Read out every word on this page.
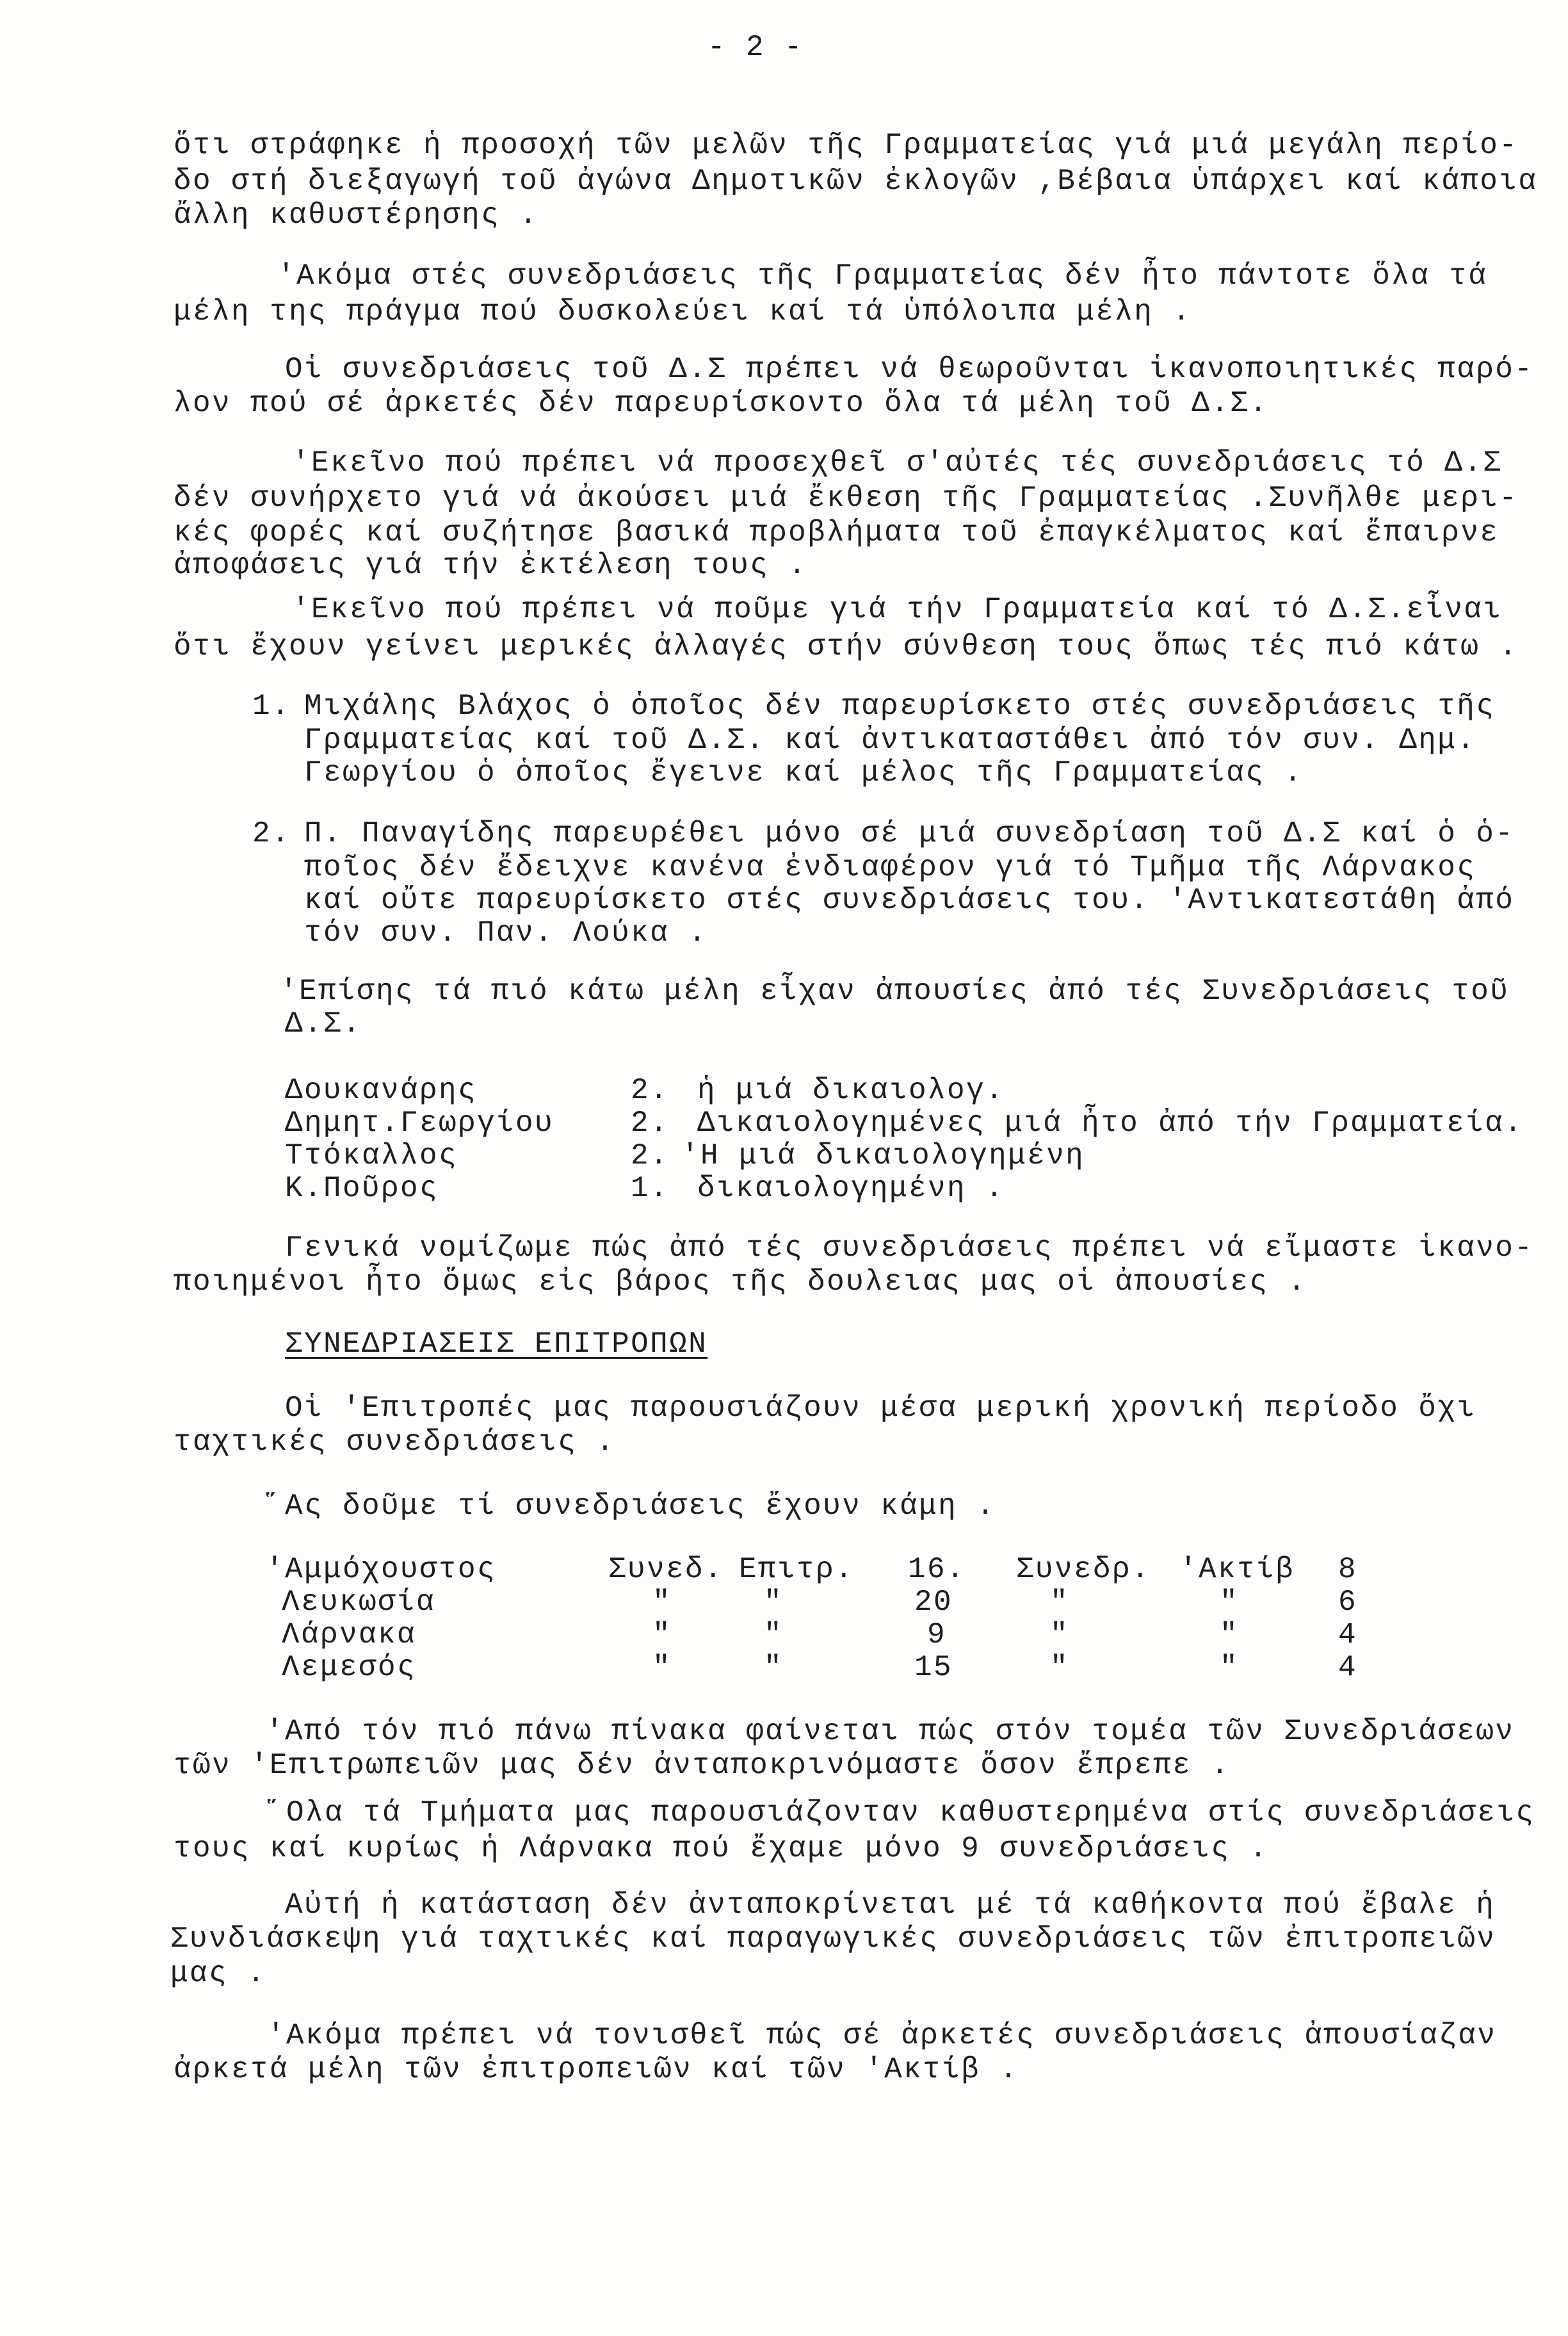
- 2 -
ὅτι στράφηκε ἡ προσοχή τῶν μελῶν τῆς Γραμματείας γιά μιά μεγάλη περίο-
δο στή διεξαγωγή τοῦ ἀγώνα Δημοτικῶν ἐκλογῶν ,Βέβαια ὑπάρχει καί κάποια
ἄλλη καθυστέρησης .
'Ακόμα στές συνεδριάσεις τῆς Γραμματείας δέν ἦτο πάντοτε ὅλα τά
μέλη της πράγμα πού δυσκολεύει καί τά ὑπόλοιπα μέλη .
Οἱ συνεδριάσεις τοῦ Δ.Σ πρέπει νά θεωροῦνται ἱκανοποιητικές παρό-
λον πού σέ ἀρκετές δέν παρευρίσκοντο ὅλα τά μέλη τοῦ Δ.Σ.
'Εκεῖνο πού πρέπει νά προσεχθεῖ σ'αὐτές τές συνεδριάσεις τό Δ.Σ
δέν συνήρχετο γιά νά ἀκούσει μιά ἔκθεση τῆς Γραμματείας .Συνῆλθε μερι-
κές φορές καί συζήτησε βασικά προβλήματα τοῦ ἐπαγκέλματος καί ἔπαιρνε
ἀποφάσεις γιά τήν ἐκτέλεση τους .
'Εκεῖνο πού πρέπει νά ποῦμε γιά τήν Γραμματεία καί τό Δ.Σ.εἶναι
ὅτι ἔχουν γείνει μερικές ἀλλαγές στήν σύνθεση τους ὅπως τές πιό κάτω .
1. Μιχάλης Βλάχος ὁ ὁποῖος δέν παρευρίσκετο στές συνεδριάσεις τῆς
Γραμματείας καί τοῦ Δ.Σ. καί ἀντικαταστάθει ἀπό τόν συν. Δημ.
Γεωργίου ὁ ὁποῖος ἔγεινε καί μέλος τῆς Γραμματείας .
2. Π. Παναγίδης παρευρέθει μόνο σέ μιά συνεδρίαση τοῦ Δ.Σ καί ὁ ὁ-
ποῖος δέν ἔδειχνε κανένα ἐνδιαφέρον γιά τό Τμῆμα τῆς Λάρνακος
καί οὔτε παρευρίσκετο στές συνεδριάσεις του. 'Αντικατεστάθη ἀπό
τόν συν. Παν. Λούκα .
'Επίσης τά πιό κάτω μέλη εἶχαν ἀπουσίες ἀπό τές Συνεδριάσεις τοῦ
Δ.Σ.
Δουκανάρης	2. ἡ μιά δικαιολογ.
Δημητ.Γεωργίου	2. Δικαιολογημένες μιά ἦτο ἀπό τήν Γραμματεία.
Ττόκαλλος	2. 'Η μιά δικαιολογημένη
Κ.Ποῦρος	1. δικαιολογημένη .
Γενικά νομίζωμε πώς ἀπό τές συνεδριάσεις πρέπει νά εἴμαστε ἱκανο-
ποιημένοι ἦτο ὅμως εἰς βάρος τῆς δουλειας μας οἱ ἀπουσίες .
ΣΥΝΕΔΡΙΑΣΕΙΣ ΕΠΙΤΡΟΠΩΝ
Οἱ 'Επιτροπές μας παρουσιάζουν μέσα μερική χρονική περίοδο ὄχι
ταχτικές συνεδριάσεις .
῞Ας δοῦμε τί συνεδριάσεις ἔχουν κάμη .
'Αμμόχουστος	Συνεδ. Επιτρ. 16. Συνεδρ. 'Ακτίβ 8
Λευκωσία	"	"	20	"	"	6
Λάρνακα	"	"	9	"	"	4
Λεμεσός	"	"	15	"	"	4
'Από τόν πιό πάνω πίνακα φαίνεται πώς στόν τομέα τῶν Συνεδριάσεων
τῶν 'Επιτρωπειῶν μας δέν ἀνταποκρινόμαστε ὅσον ἔπρεπε .
῞Ολα τά Τμήματα μας παρουσιάζονταν καθυστερημένα στίς συνεδριάσεις
τους καί κυρίως ἡ Λάρνακα πού ἔχαμε μόνο 9 συνεδριάσεις .
Αὐτή ἡ κατάσταση δέν ἀνταποκρίνεται μέ τά καθήκοντα πού ἔβαλε ἡ
Συνδιάσκεψη γιά ταχτικές καί παραγωγικές συνεδριάσεις τῶν ἐπιτροπειῶν
μας .
'Ακόμα πρέπει νά τονισθεῖ πώς σέ ἀρκετές συνεδριάσεις ἀπουσίαζαν
ἀρκετά μέλη τῶν ἐπιτροπειῶν καί τῶν 'Ακτίβ .
